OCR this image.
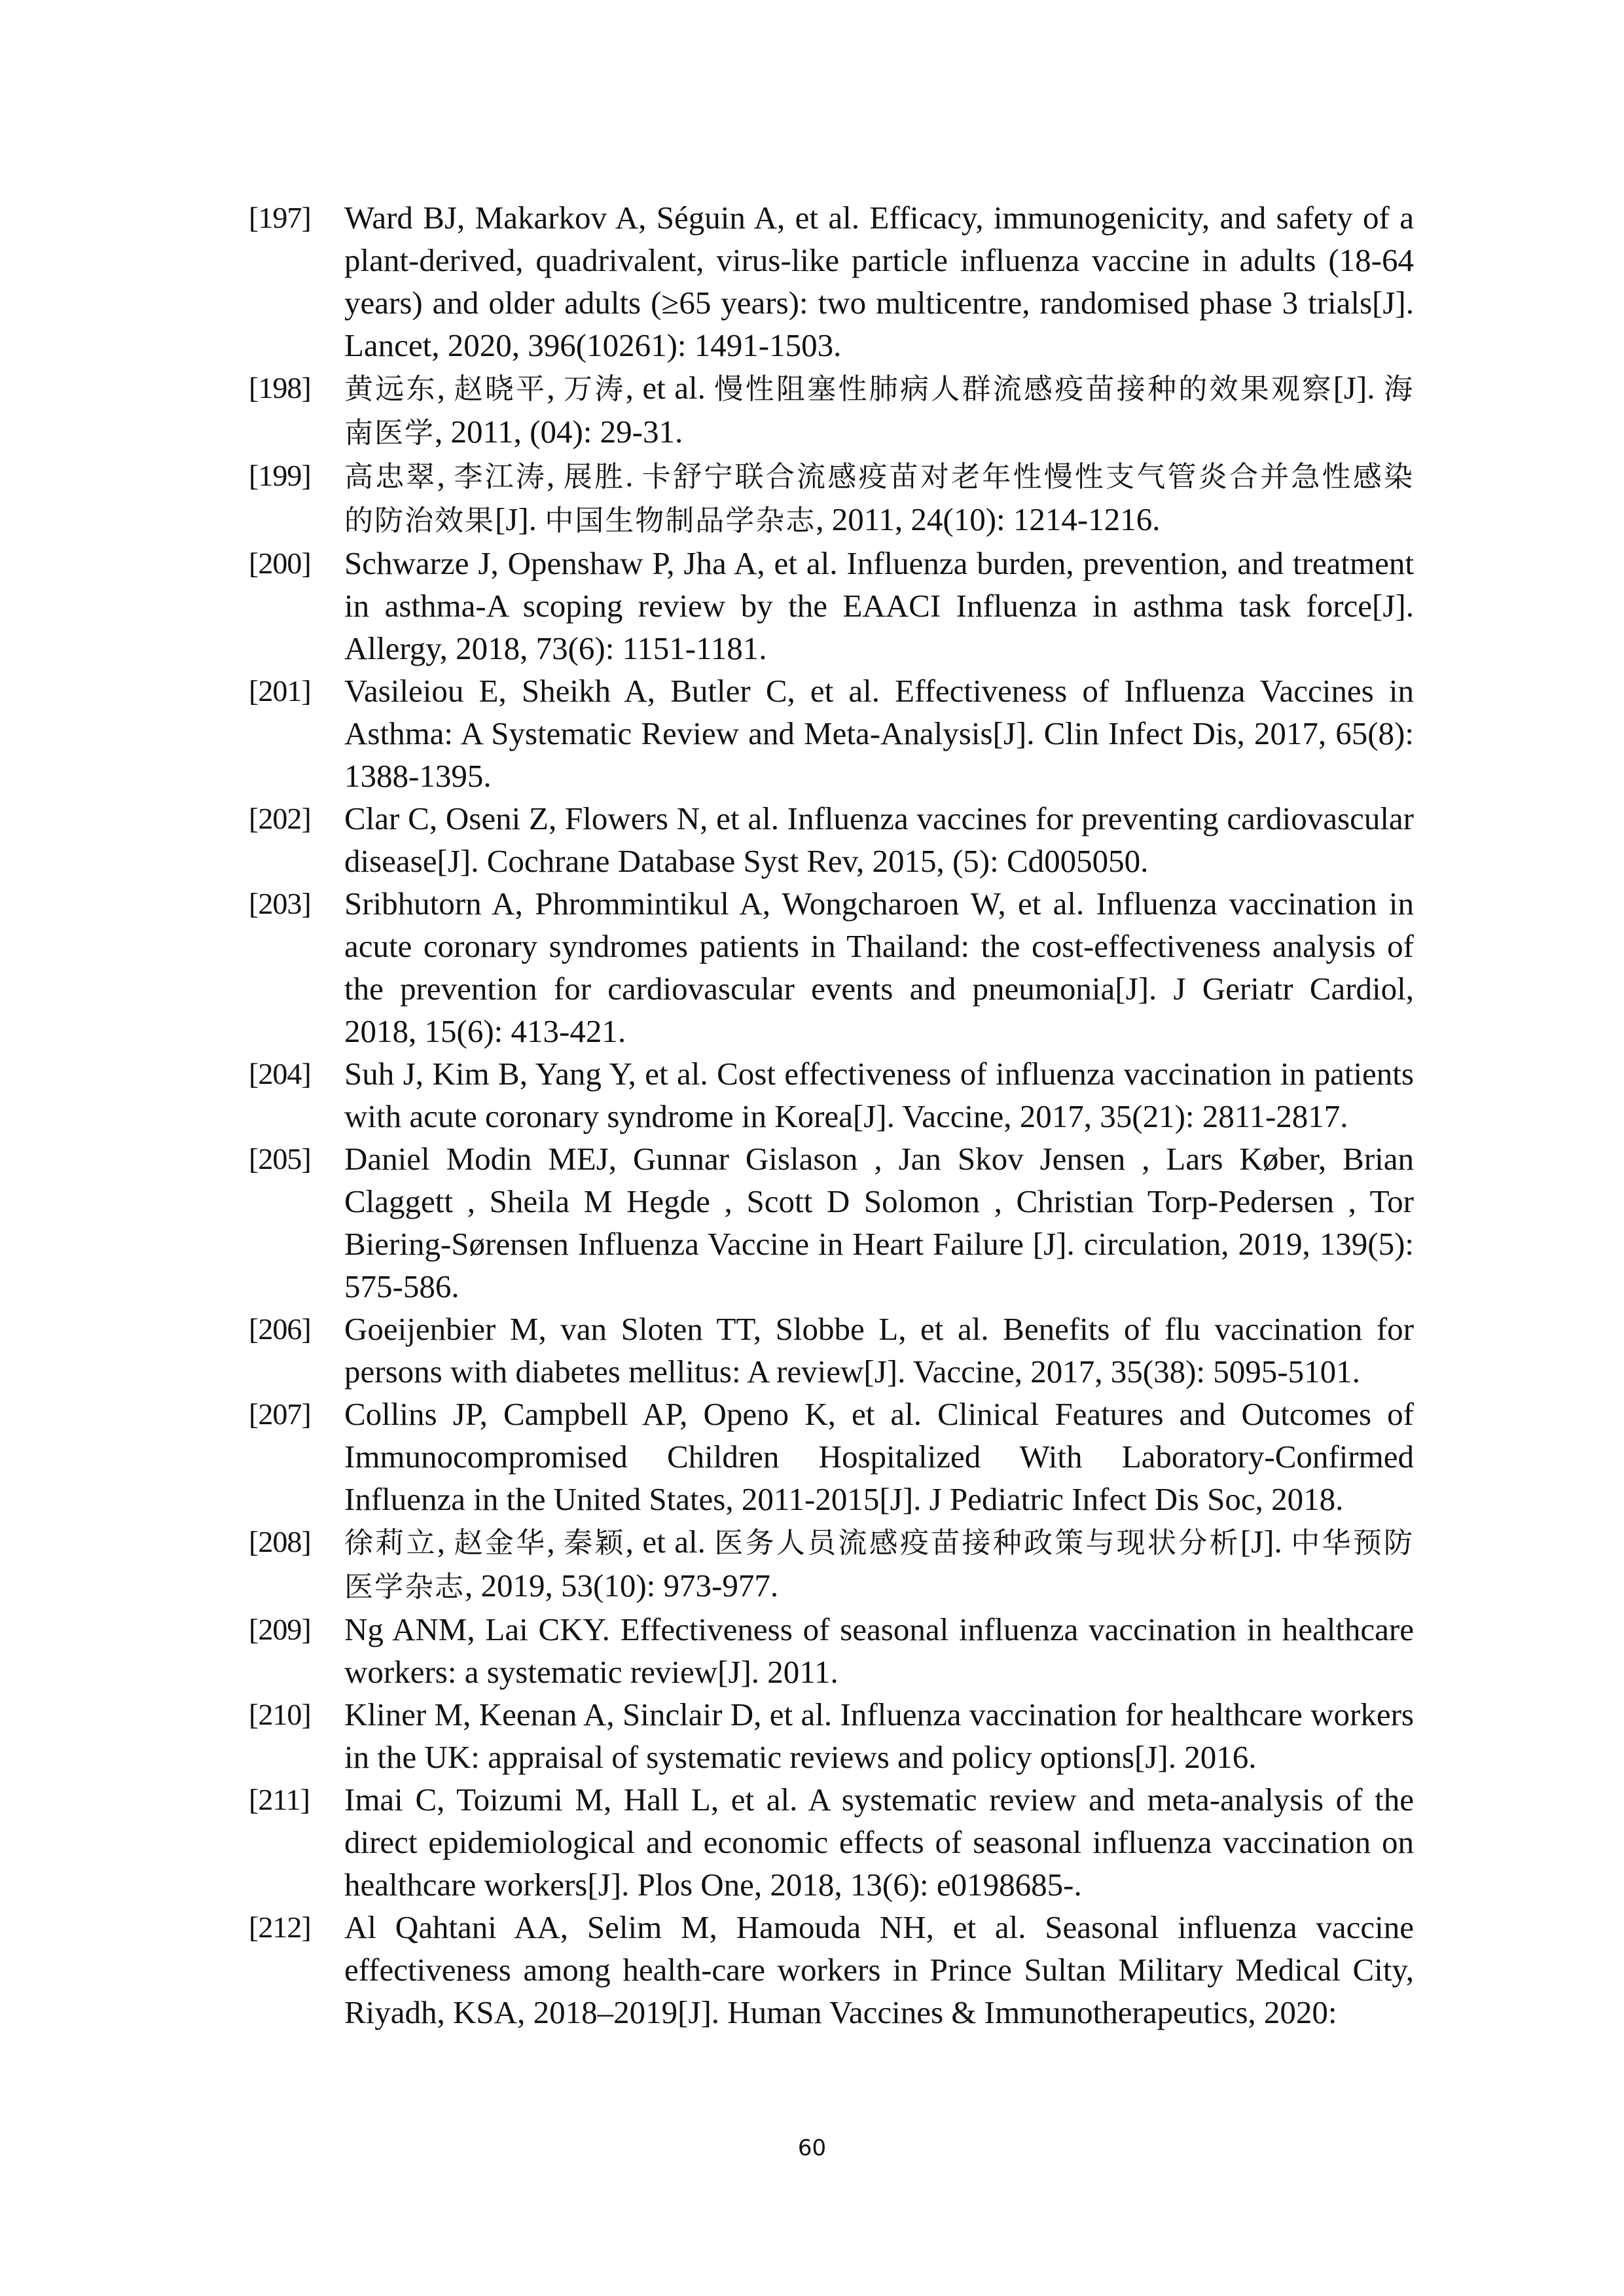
[197] Ward BJ, Makarkov A, Séguin A, et al. Efficacy, immunogenicity, and safety of a plant-derived, quadrivalent, virus-like particle influenza vaccine in adults (18-64 years) and older adults (≥65 years): two multicentre, randomised phase 3 trials[J]. Lancet, 2020, 396(10261): 1491-1503.

[198] 黄远东, 赵晓平, 万涛, et al. 慢性阻塞性肺病人群流感疫苗接种的效果观察[J]. 海南医学, 2011, (04): 29-31.

[199] 高忠翠, 李江涛, 展胜. 卡舒宁联合流感疫苗对老年性慢性支气管炎合并急性感染的防治效果[J]. 中国生物制品学杂志, 2011, 24(10): 1214-1216.

[200] Schwarze J, Openshaw P, Jha A, et al. Influenza burden, prevention, and treatment in asthma-A scoping review by the EAACI Influenza in asthma task force[J]. Allergy, 2018, 73(6): 1151-1181.

[201] Vasileiou E, Sheikh A, Butler C, et al. Effectiveness of Influenza Vaccines in Asthma: A Systematic Review and Meta-Analysis[J]. Clin Infect Dis, 2017, 65(8): 1388-1395.

[202] Clar C, Oseni Z, Flowers N, et al. Influenza vaccines for preventing cardiovascular disease[J]. Cochrane Database Syst Rev, 2015, (5): Cd005050.

[203] Sribhutorn A, Phrommintikul A, Wongcharoen W, et al. Influenza vaccination in acute coronary syndromes patients in Thailand: the cost-effectiveness analysis of the prevention for cardiovascular events and pneumonia[J]. J Geriatr Cardiol, 2018, 15(6): 413-421.

[204] Suh J, Kim B, Yang Y, et al. Cost effectiveness of influenza vaccination in patients with acute coronary syndrome in Korea[J]. Vaccine, 2017, 35(21): 2811-2817.

[205] Daniel Modin MEJ, Gunnar Gislason , Jan Skov Jensen , Lars Køber, Brian Claggett , Sheila M Hegde , Scott D Solomon , Christian Torp-Pedersen , Tor Biering-Sørensen Influenza Vaccine in Heart Failure [J]. circulation, 2019, 139(5): 575-586.

[206] Goeijenbier M, van Sloten TT, Slobbe L, et al. Benefits of flu vaccination for persons with diabetes mellitus: A review[J]. Vaccine, 2017, 35(38): 5095-5101.

[207] Collins JP, Campbell AP, Openo K, et al. Clinical Features and Outcomes of Immunocompromised Children Hospitalized With Laboratory-Confirmed Influenza in the United States, 2011-2015[J]. J Pediatric Infect Dis Soc, 2018.

[208] 徐莉立, 赵金华, 秦颖, et al. 医务人员流感疫苗接种政策与现状分析[J]. 中华预防医学杂志, 2019, 53(10): 973-977.

[209] Ng ANM, Lai CKY. Effectiveness of seasonal influenza vaccination in healthcare workers: a systematic review[J]. 2011.

[210] Kliner M, Keenan A, Sinclair D, et al. Influenza vaccination for healthcare workers in the UK: appraisal of systematic reviews and policy options[J]. 2016.

[211] Imai C, Toizumi M, Hall L, et al. A systematic review and meta-analysis of the direct epidemiological and economic effects of seasonal influenza vaccination on healthcare workers[J]. Plos One, 2018, 13(6): e0198685-.

[212] Al Qahtani AA, Selim M, Hamouda NH, et al. Seasonal influenza vaccine effectiveness among health-care workers in Prince Sultan Military Medical City, Riyadh, KSA, 2018–2019[J]. Human Vaccines & Immunotherapeutics, 2020:

60
